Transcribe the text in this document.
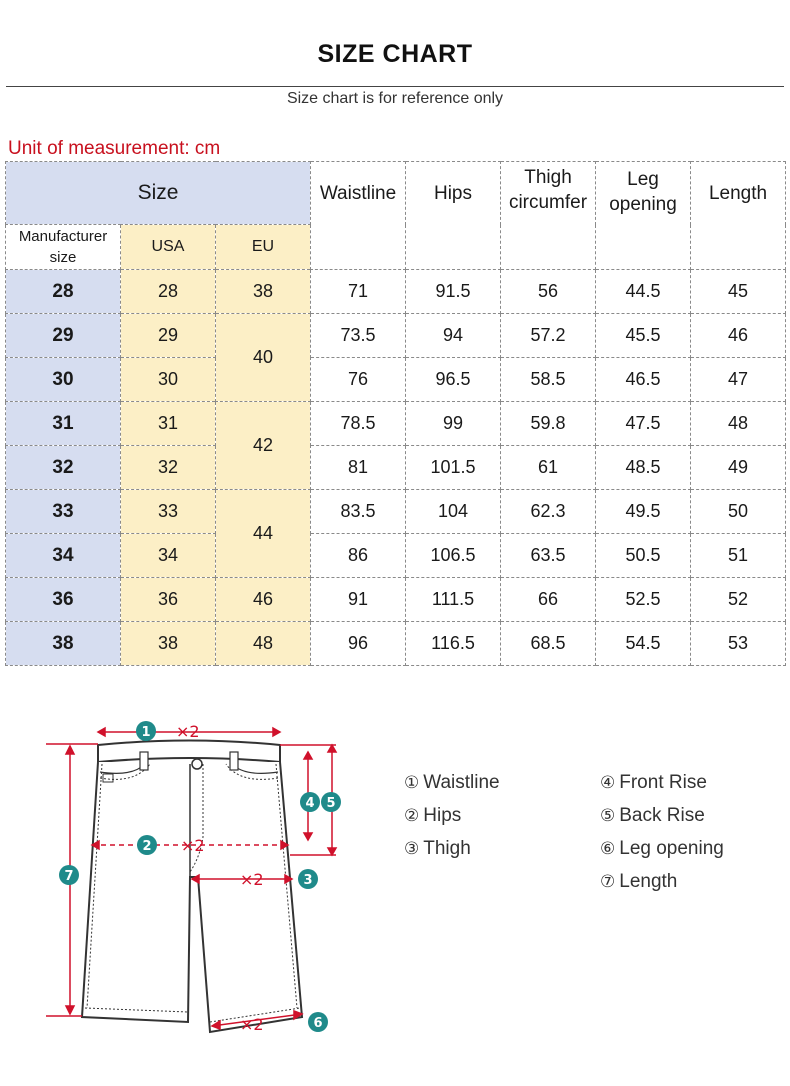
SIZE CHART
Size chart is for reference only
Unit of measurement: cm
Size			Waistline	Hips	Thigh circumfer	Leg opening	Length
Manufacturer size	USA	EU					
28	28	38	71	91.5	56	44.5	45
29	29	40	73.5	94	57.2	45.5	46
30	30		76	96.5	58.5	46.5	47
31	31	42	78.5	99	59.8	47.5	48
32	32		81	101.5	61	48.5	49
33	33	44	83.5	104	62.3	49.5	50
34	34		86	106.5	63.5	50.5	51
36	36	46	91	111.5	66	52.5	52
38	38	48	96	116.5	68.5	54.5	53
×2
×2
×2
×2
1
2
3
4 5
6
7
① Waistline
② Hips
③ Thigh
④ Front Rise
⑤ Back Rise
⑥ Leg opening
⑦ Length
